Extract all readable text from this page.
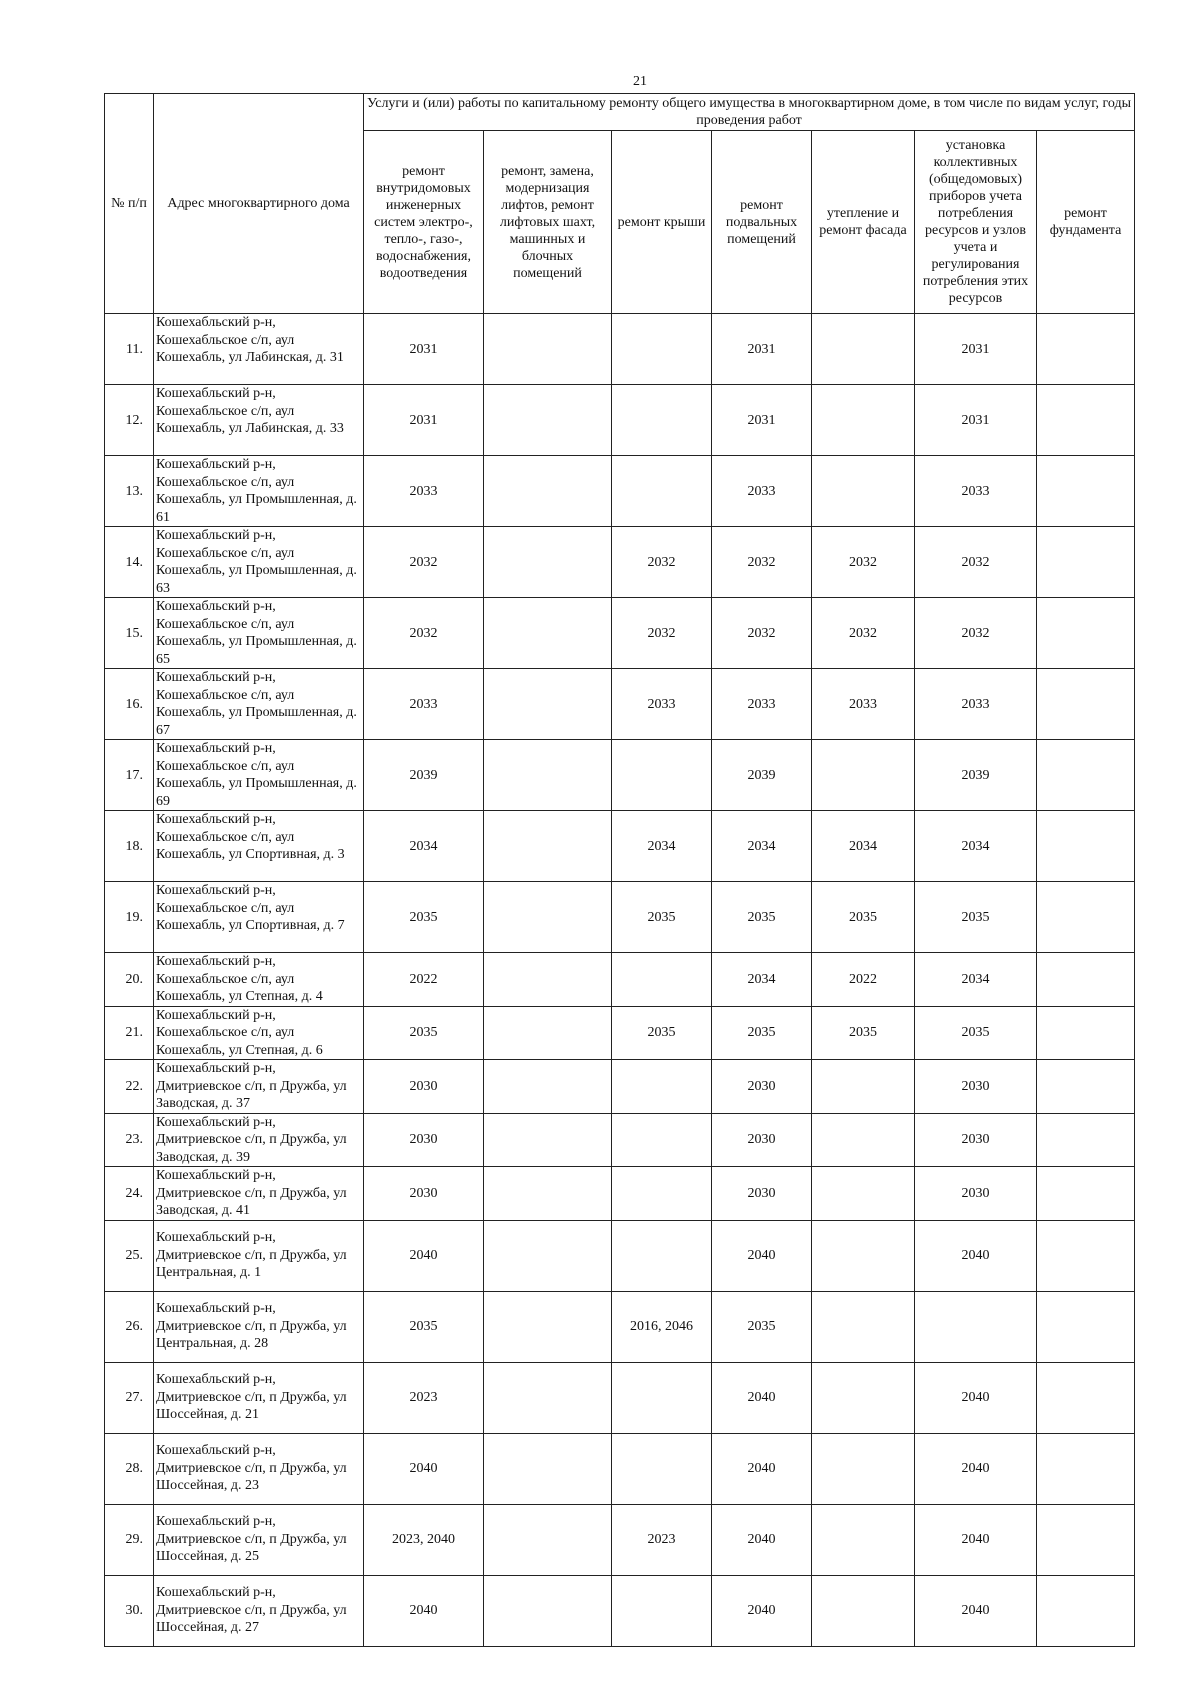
21
№ п/п	Адрес многоквартирного дома	Услуги и (или) работы по капитальному ремонту общего имущества в многоквартирном доме, в том числе по видам услуг, годы проведения работ						
		ремонт внутридомовых инженерных систем электро-, тепло-, газо-, водоснабжения, водоотведения	ремонт, замена, модернизация лифтов, ремонт лифтовых шахт, машинных и блочных помещений	ремонт крыши	ремонт подвальных помещений	утепление и ремонт фасада	установка коллективных (общедомовых) приборов учета потребления ресурсов и узлов учета и регулирования потребления этих ресурсов	ремонт фундамента
11.	Кошехабльский р-н, Кошехабльское с/п, аул Кошехабль, ул Лабинская, д. 31	2031			2031		2031	
12.	Кошехабльский р-н, Кошехабльское с/п, аул Кошехабль, ул Лабинская, д. 33	2031			2031		2031	
13.	Кошехабльский р-н, Кошехабльское с/п, аул Кошехабль, ул Промышленная, д. 61	2033			2033		2033	
14.	Кошехабльский р-н, Кошехабльское с/п, аул Кошехабль, ул Промышленная, д. 63	2032		2032	2032	2032	2032	
15.	Кошехабльский р-н, Кошехабльское с/п, аул Кошехабль, ул Промышленная, д. 65	2032		2032	2032	2032	2032	
16.	Кошехабльский р-н, Кошехабльское с/п, аул Кошехабль, ул Промышленная, д. 67	2033		2033	2033	2033	2033	
17.	Кошехабльский р-н, Кошехабльское с/п, аул Кошехабль, ул Промышленная, д. 69	2039			2039		2039	
18.	Кошехабльский р-н, Кошехабльское с/п, аул Кошехабль, ул Спортивная, д. 3	2034		2034	2034	2034	2034	
19.	Кошехабльский р-н, Кошехабльское с/п, аул Кошехабль, ул Спортивная, д. 7	2035		2035	2035	2035	2035	
20.	Кошехабльский р-н, Кошехабльское с/п, аул Кошехабль, ул Степная, д. 4	2022			2034	2022	2034	
21.	Кошехабльский р-н, Кошехабльское с/п, аул Кошехабль, ул Степная, д. 6	2035		2035	2035	2035	2035	
22.	Кошехабльский р-н, Дмитриевское с/п, п Дружба, ул Заводская, д. 37	2030			2030		2030	
23.	Кошехабльский р-н, Дмитриевское с/п, п Дружба, ул Заводская, д. 39	2030			2030		2030	
24.	Кошехабльский р-н, Дмитриевское с/п, п Дружба, ул Заводская, д. 41	2030			2030		2030	
25.	Кошехабльский р-н, Дмитриевское с/п, п Дружба, ул Центральная, д. 1	2040			2040		2040	
26.	Кошехабльский р-н, Дмитриевское с/п, п Дружба, ул Центральная, д. 28	2035		2016, 2046	2035			
27.	Кошехабльский р-н, Дмитриевское с/п, п Дружба, ул Шоссейная, д. 21	2023			2040		2040	
28.	Кошехабльский р-н, Дмитриевское с/п, п Дружба, ул Шоссейная, д. 23	2040			2040		2040	
29.	Кошехабльский р-н, Дмитриевское с/п, п Дружба, ул Шоссейная, д. 25	2023, 2040		2023	2040		2040	
30.	Кошехабльский р-н, Дмитриевское с/п, п Дружба, ул Шоссейная, д. 27	2040			2040		2040	
